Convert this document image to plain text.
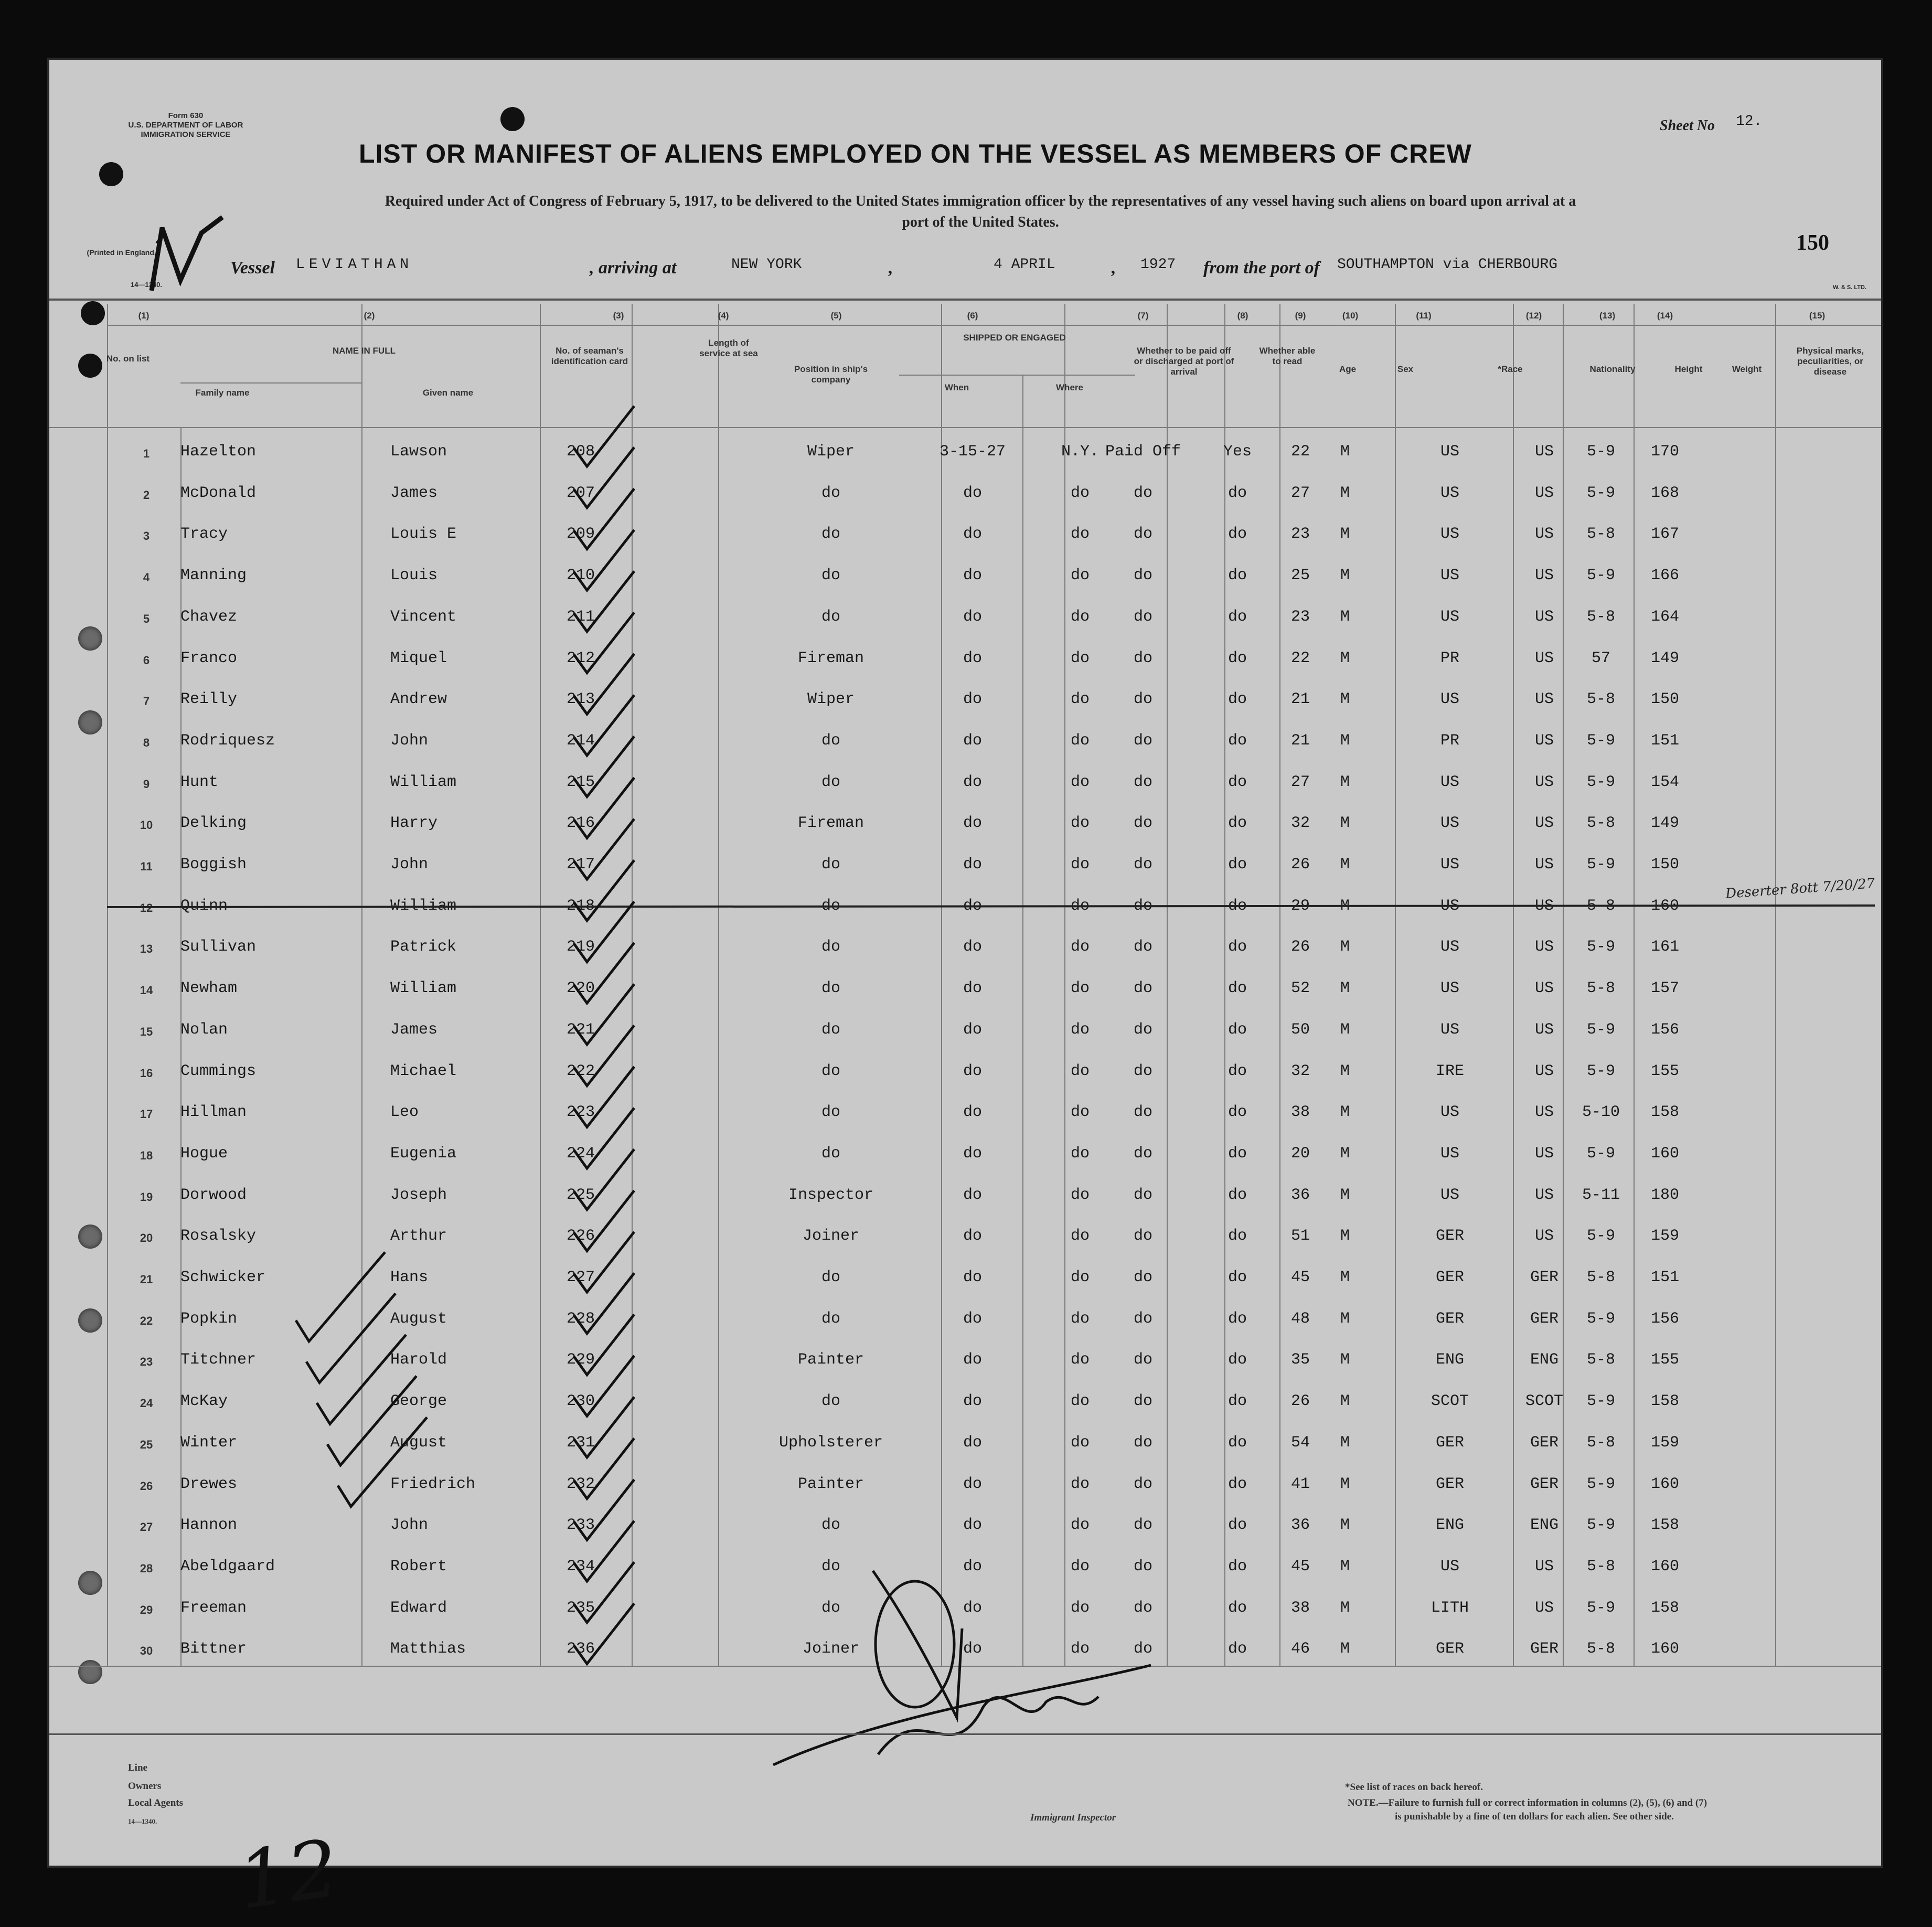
Form 630
U.S. DEPARTMENT OF LABOR
IMMIGRATION SERVICE
(Printed in England.)
14—1340.
Sheet No 12.
LIST OR MANIFEST OF ALIENS EMPLOYED ON THE VESSEL AS MEMBERS OF CREW
Required under Act of Congress of February 5, 1917, to be delivered to the United States immigration officer by the representatives of any vessel having such aliens on board upon arrival at a
port of the United States.
150
Vessel LEVIATHAN	, arriving at	NEW YORK	,	4 APRIL	, 1927 from the port of SOUTHAMPTON via CHERBOURG
W. & S. LTD.
(1)	(2)	(3)	(4)	(5)	(6)	(7)	(8)	(9)	(10)	(11)	(12)	(13)	(14)	(15)
No. on list
NAME IN FULL
Family name	Given name
No. of seaman's identification card
Length of service at sea
Position in ship's company
SHIPPED OR ENGAGED
When	Where
Whether to be paid off or discharged at port of arrival
Whether able to read
Age	Sex	*Race	Nationality	Height	Weight
Physical marks, peculiarities, or disease
1	Hazelton	Lawson	208	Wiper	3-15-27	N.Y. Paid Off	Yes	22	M	US	US	5-9	170
2	McDonald	James	207	do	do	do	do	do	27	M	US	US	5-9	168
3	Tracy	Louis E	209	do	do	do	do	do	23	M	US	US	5-8	167
4	Manning	Louis	210	do	do	do	do	do	25	M	US	US	5-9	166
5	Chavez	Vincent	211	do	do	do	do	do	23	M	US	US	5-8	164
6	Franco	Miquel	212	Fireman	do	do	do	do	22	M	PR	US	57	149
7	Reilly	Andrew	213	Wiper	do	do	do	do	21	M	US	US	5-8	150
8	Rodriquesz	John	214	do	do	do	do	do	21	M	PR	US	5-9	151
9	Hunt	William	215	do	do	do	do	do	27	M	US	US	5-9	154
10	Delking	Harry	216	Fireman	do	do	do	do	32	M	US	US	5-8	149
11	Boggish	John	217	do	do	do	do	do	26	M	US	US	5-9	150
12	Quinn	William	218	do	do	do	do	do	29	M	US	US	5-8	160
13	Sullivan	Patrick	219	do	do	do	do	do	26	M	US	US	5-9	161
14	Newham	William	220	do	do	do	do	do	52	M	US	US	5-8	157
15	Nolan	James	221	do	do	do	do	do	50	M	US	US	5-9	156
16	Cummings	Michael	222	do	do	do	do	do	32	M	IRE	US	5-9	155
17	Hillman	Leo	223	do	do	do	do	do	38	M	US	US	5-10	158
18	Hogue	Eugenia	224	do	do	do	do	do	20	M	US	US	5-9	160
19	Dorwood	Joseph	225	Inspector	do	do	do	do	36	M	US	US	5-11	180
20	Rosalsky	Arthur	226	Joiner	do	do	do	do	51	M	GER	US	5-9	159
21	Schwicker	Hans	227	do	do	do	do	do	45	M	GER	GER	5-8	151
22	Popkin	August	228	do	do	do	do	do	48	M	GER	GER	5-9	156
23	Titchner	Harold	229	Painter	do	do	do	do	35	M	ENG	ENG	5-8	155
24	McKay	George	230	do	do	do	do	do	26	M	SCOT	SCOT	5-9	158
25	Winter	August	231	Upholsterer	do	do	do	do	54	M	GER	GER	5-8	159
26	Drewes	Friedrich	232	Painter	do	do	do	do	41	M	GER	GER	5-9	160
27	Hannon	John	233	do	do	do	do	do	36	M	ENG	ENG	5-9	158
28	Abeldgaard	Robert	234	do	do	do	do	do	45	M	US	US	5-8	160
29	Freeman	Edward	235	do	do	do	do	do	38	M	LITH	US	5-9	158
30	Bittner	Matthias	236	Joiner	do	do	do	do	46	M	GER	GER	5-8	160
Deserter 8ott 7/20/27
12
Line
Owners
Local Agents
14—1340.	Immigrant Inspector
*See list of races on back hereof.
NOTE.—Failure to furnish full or correct information in columns (2), (5), (6) and (7)
is punishable by a fine of ten dollars for each alien. See other side.
